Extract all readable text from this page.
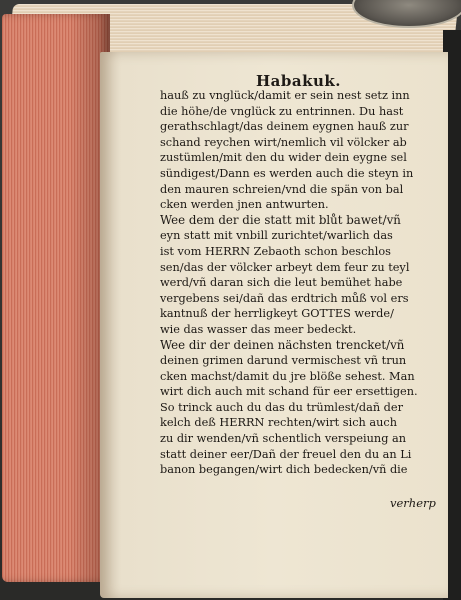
Habakuk.
hauß zu vnglück/damit er sein nest setz inn
die höhe/de vnglück zu entrinnen. Du hast
gerathschlagt/das deinem eygnen hauß zur
schand reychen wirt/nemlich vil völcker ab
zustümlen/mit den du wider dein eygne sel
sündigest/Dann es werden auch die steyn in
den mauren schreien/vnd die spän von bal
cken werden jnen antwurten.
Wee dem der die statt mit blůt bawet/vñ
eyn statt mit vnbill zurichtet/warlich das
ist vom HERRN Zebaoth schon beschlos
sen/das der völcker arbeyt dem feur zu teyl
werd/vñ daran sich die leut bemühet habe
vergebens sei/dañ das erdtrich můß vol ers
kantnuß der herrligkeyt GOTTES werde/
wie das wasser das meer bedeckt.
Wee dir der deinen nächsten trencket/vñ
deinen grimen darund vermischest vñ trun
cken machst/damit du jre blöße sehest. Man
wirt dich auch mit schand für eer ersettigen.
So trinck auch du das du trümlest/dañ der
kelch deß HERRN rechten/wirt sich auch
zu dir wenden/vñ schentlich verspeiung an
statt deiner eer/Dañ der freuel den du an Li
banon begangen/wirt dich bedecken/vñ die
verherp
